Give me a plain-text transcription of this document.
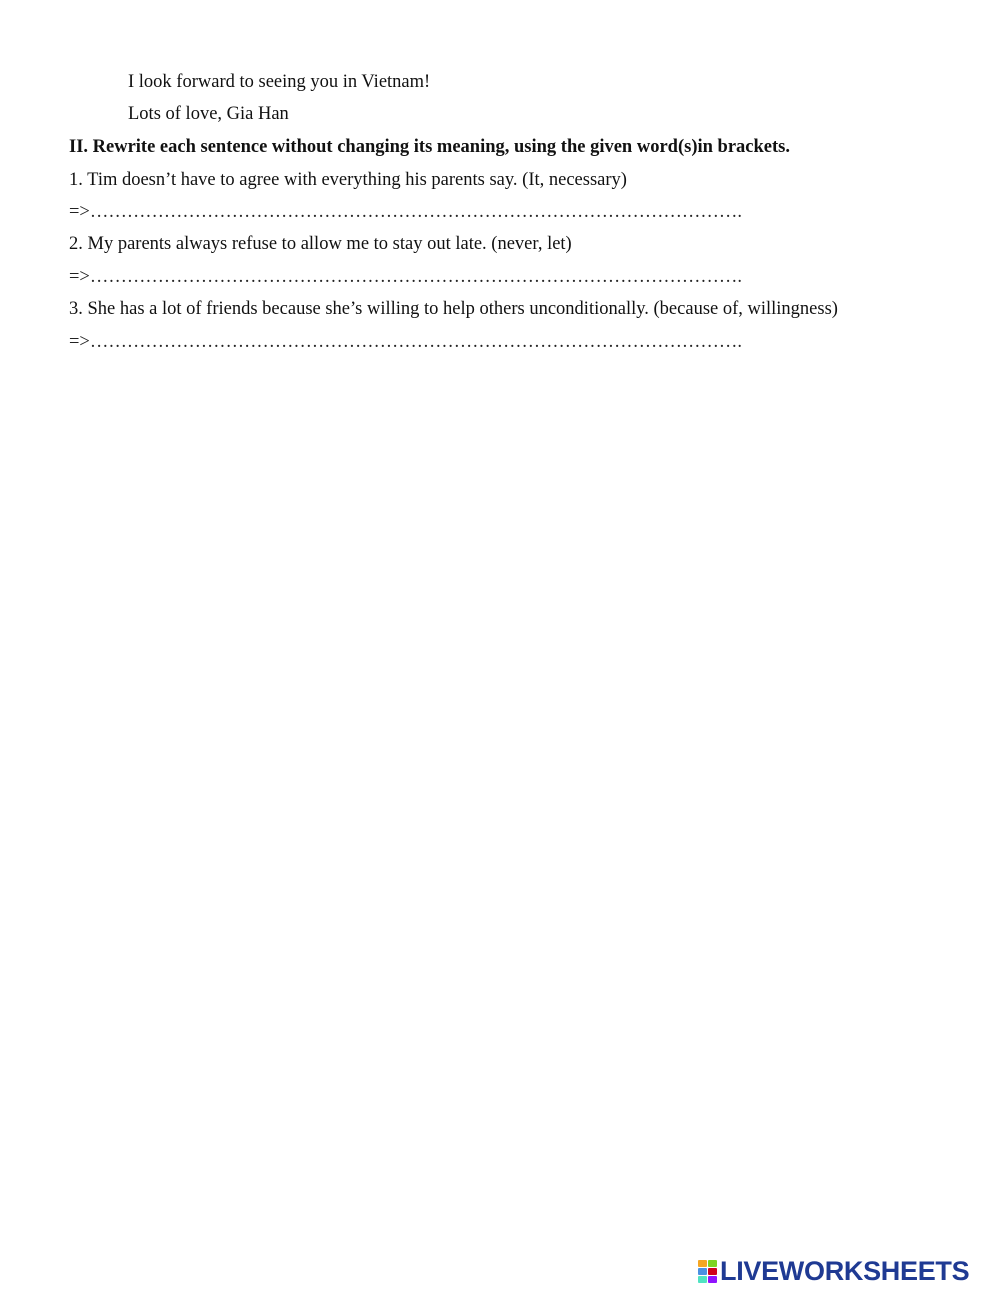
I look forward to seeing you in Vietnam!
Lots of love, Gia Han
II. Rewrite each sentence without changing its meaning, using the given word(s)in brackets.
1. Tim doesn’t have to agree with everything his parents say. (It, necessary)
=>…………………………………………………………………………………………….
2. My parents always refuse to allow me to stay out late. (never, let)
=>…………………………………………………………………………………………….
3. She has a lot of friends because she’s willing to help others unconditionally. (because of, willingness)
=>…………………………………………………………………………………………….
LIVEWORKSHEETS
